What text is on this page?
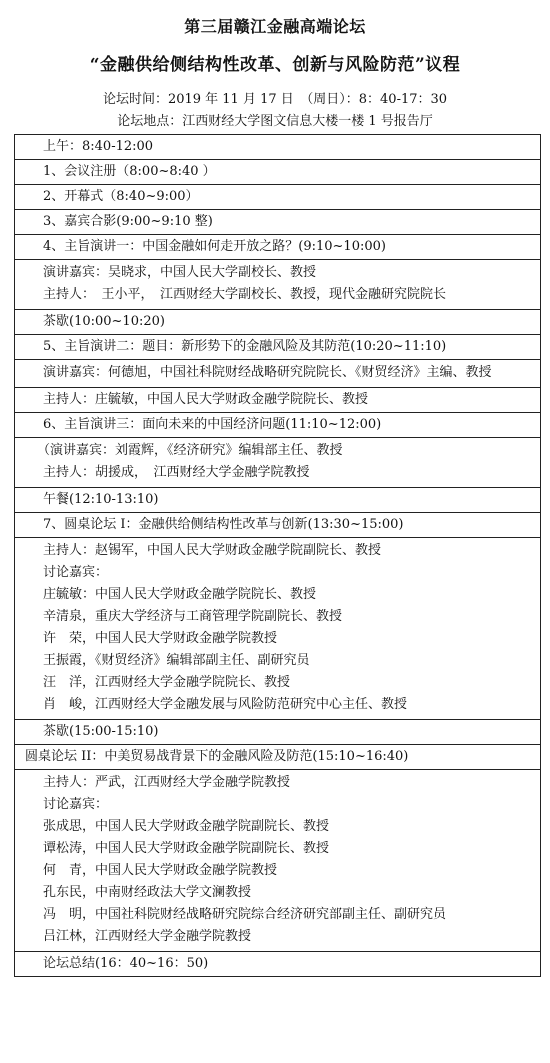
第三届赣江金融高端论坛
“金融供给侧结构性改革、创新与风险防范”议程
论坛时间：2019 年 11 月 17 日　（周日）：8：40-17：30
论坛地点：江西财经大学图文信息大楼一楼 1 号报告厅
上午：8:40-12:00
1、会议注册（8:00~8:40 ）
2、开幕式（8:40~9:00）
3、嘉宾合影(9:00~9:10 整)
4、主旨演讲一：中国金融如何走开放之路？(9:10~10:00)
演讲嘉宾：吴晓求，中国人民大学副校长、教授
主持人：　王小平，　江西财经大学副校长、教授，现代金融研究院院长
茶歇(10:00~10:20)
5、主旨演讲二：题目：新形势下的金融风险及其防范(10:20~11:10)
演讲嘉宾：何德旭，中国社科院财经战略研究院院长、《财贸经济》主编、教授
主持人：庄毓敏，中国人民大学财政金融学院院长、教授
6、主旨演讲三：面向未来的中国经济问题(11:10~12:00)
（演讲嘉宾：刘霞辉，《经济研究》编辑部主任、教授
主持人：胡援成，　江西财经大学金融学院教授
午餐(12:10-13:10)
7、圆桌论坛 I：金融供给侧结构性改革与创新(13:30~15:00)
主持人：赵锡军，中国人民大学财政金融学院副院长、教授
讨论嘉宾：
庄毓敏：中国人民大学财政金融学院院长、教授
辛清泉，重庆大学经济与工商管理学院副院长、教授
许　荣，中国人民大学财政金融学院教授
王振霞，《财贸经济》编辑部副主任、副研究员
汪　洋，江西财经大学金融学院院长、教授
肖　峻，江西财经大学金融发展与风险防范研究中心主任、教授
茶歇(15:00-15:10)
圆桌论坛 II：中美贸易战背景下的金融风险及防范(15:10~16:40)
主持人：严武，江西财经大学金融学院教授
讨论嘉宾：
张成思，中国人民大学财政金融学院副院长、教授
谭松涛，中国人民大学财政金融学院副院长、教授
何　青，中国人民大学财政金融学院教授
孔东民，中南财经政法大学文澜教授
冯　明，中国社科院财经战略研究院综合经济研究部副主任、副研究员
吕江林，江西财经大学金融学院教授
论坛总结(16：40~16：50)
